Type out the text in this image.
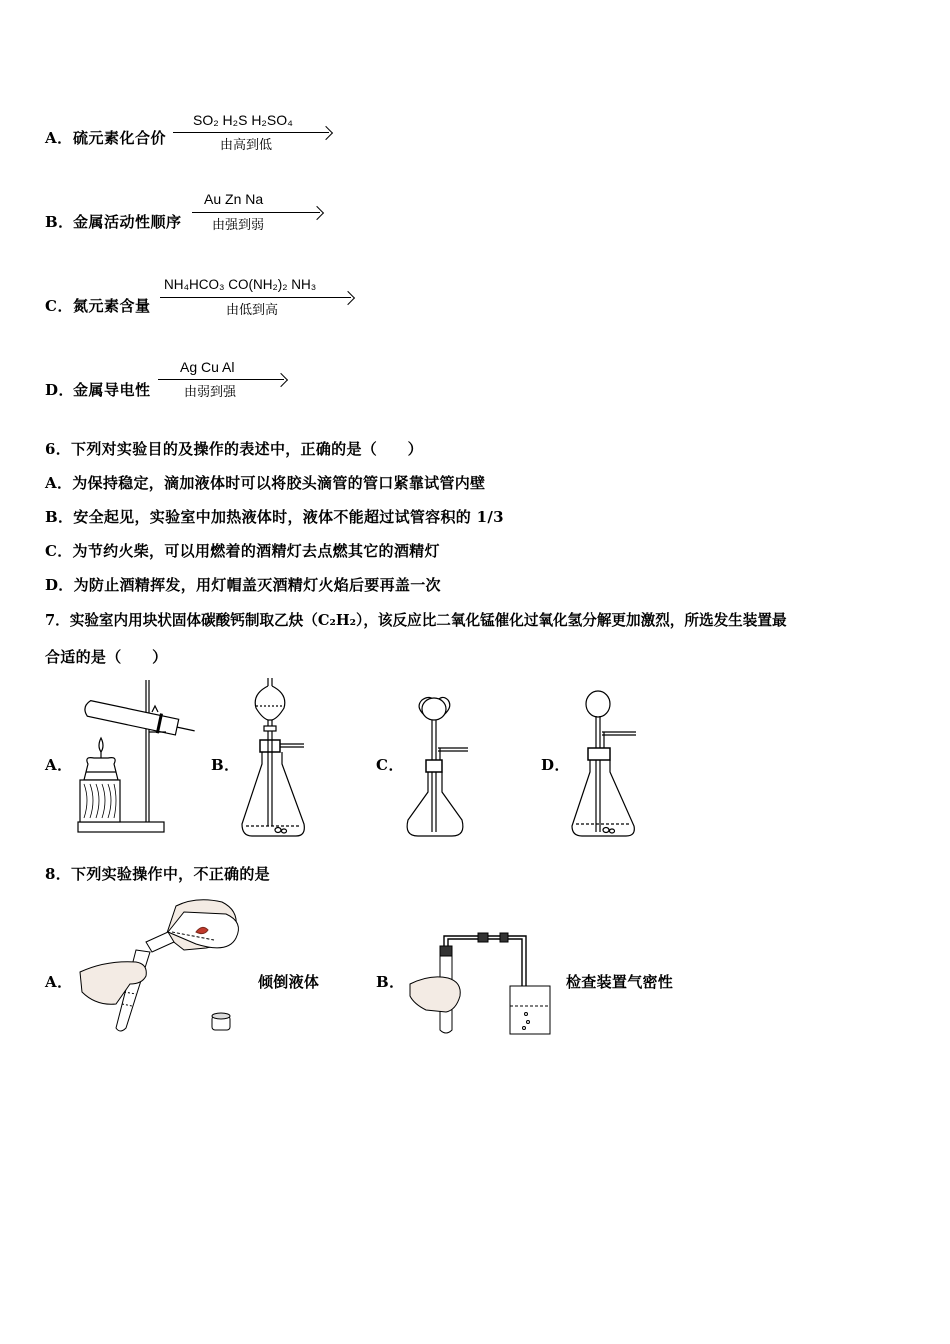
A． 硫元素化合价
SO₂ H₂S H₂SO₄
由高到低
B． 金属活动性顺序
Au Zn Na
由强到弱
C． 氮元素含量
NH₄HCO₃ CO(NH₂)₂ NH₃
由低到高
D．
金属导电性
Ag Cu Al
由弱到强
6．下列对实验目的及操作的表述中，正确的是（　　）
A．为保持稳定，滴加液体时可以将胶头滴管的管口紧靠试管内壁
B．安全起见，实验室中加热液体时，液体不能超过试管容积的 1/3
C．为节约火柴，可以用燃着的酒精灯去点燃其它的酒精灯
D．为防止酒精挥发，用灯帽盖灭酒精灯火焰后要再盖一次
7．实验室内用块状固体碳酸钙制取乙炔（C₂H₂），该反应比二氧化锰催化过氧化氢分解更加激烈，所选发生装置最
合适的是（　　）
A．	B．	C．	D．
8．下列实验操作中，不正确的是
A．	倾倒液体	B．	检查装置气密性
